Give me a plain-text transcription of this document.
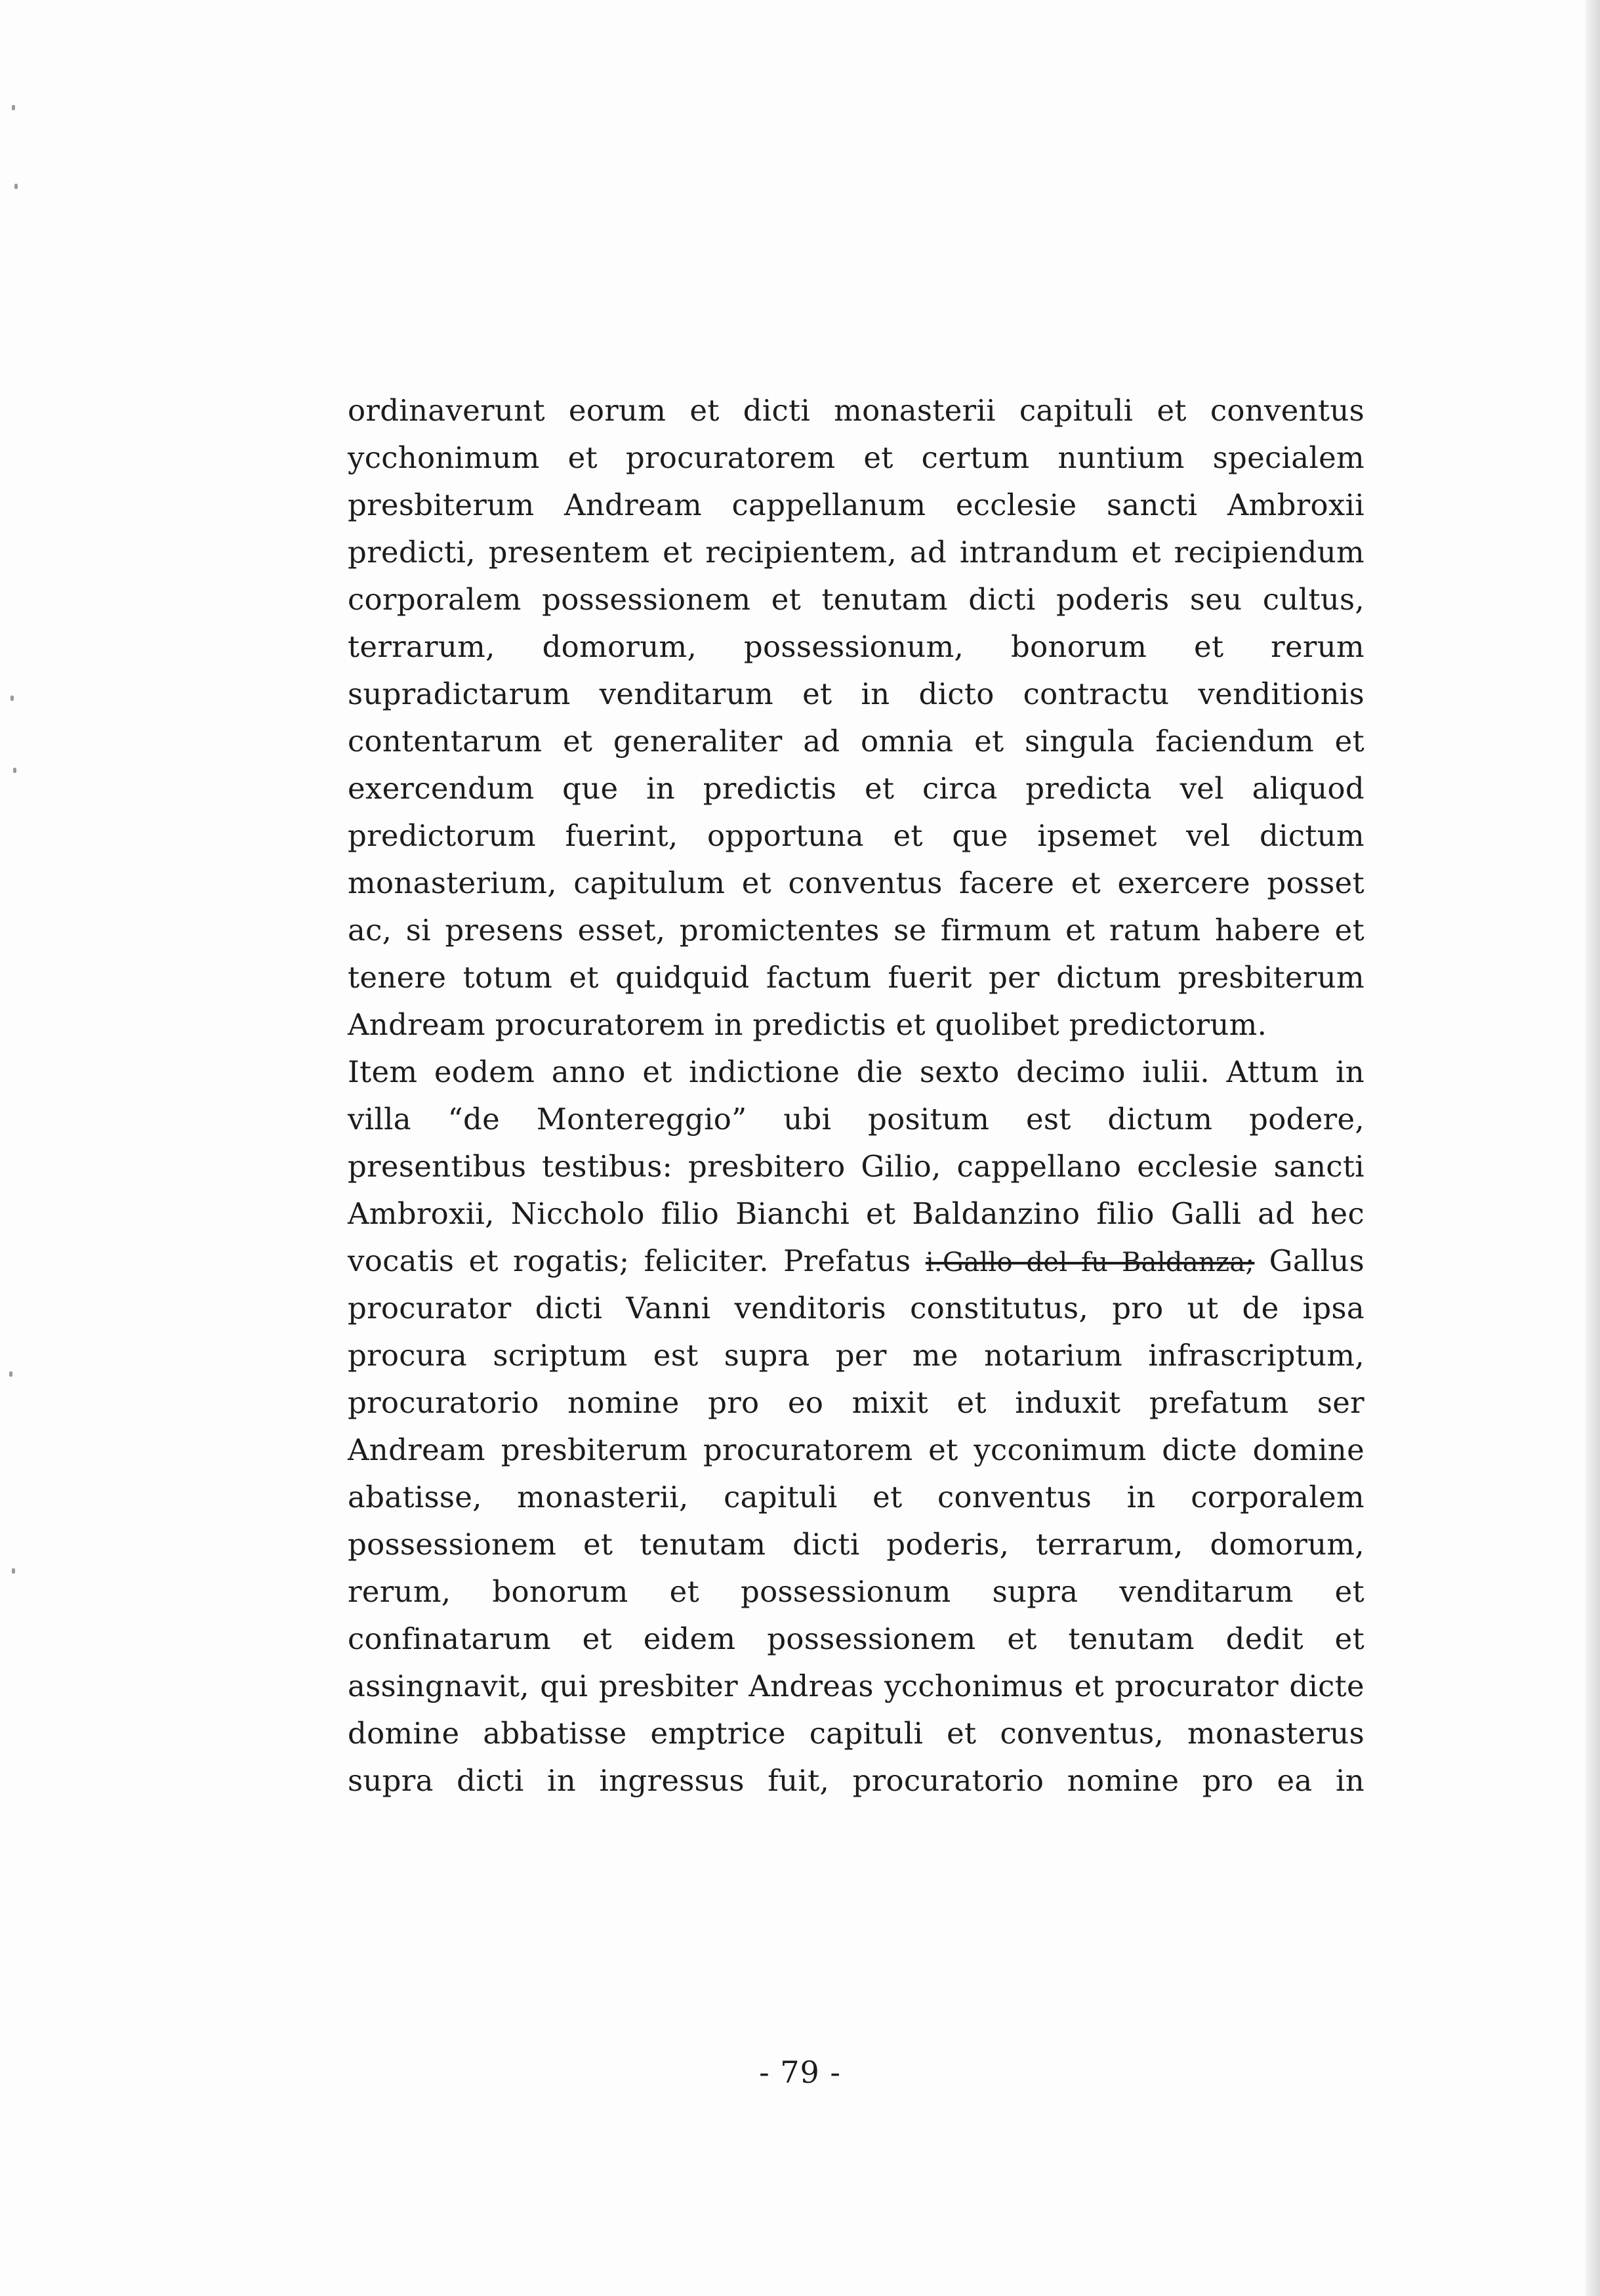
ordinaverunt eorum et dicti monasterii capituli et conventus
ycchonimum et procuratorem et certum nuntium specialem
presbiterum Andream cappellanum ecclesie sancti Ambroxii
predicti, presentem et recipientem, ad intrandum et recipiendum
corporalem possessionem et tenutam dicti poderis seu cultus,
terrarum, domorum, possessionum, bonorum et rerum
supradictarum venditarum et in dicto contractu venditionis
contentarum et generaliter ad omnia et singula faciendum et
exercendum que in predictis et circa predicta vel aliquod
predictorum fuerint, opportuna et que ipsemet vel dictum
monasterium, capitulum et conventus facere et exercere posset
ac, si presens esset, promictentes se firmum et ratum habere et
tenere totum et quidquid factum fuerit per dictum presbiterum
Andream procuratorem in predictis et quolibet predictorum.
Item eodem anno et indictione die sexto decimo iulii. Attum in
villa “de Montereggio” ubi positum est dictum podere,
presentibus testibus: presbitero Gilio, cappellano ecclesie sancti
Ambroxii, Niccholo filio Bianchi et Baldanzino filio Galli ad hec
vocatis et rogatis; feliciter. Prefatus i.Gallo del fu Baldanza; Gallus
procurator dicti Vanni venditoris constitutus, pro ut de ipsa
procura scriptum est supra per me notarium infrascriptum,
procuratorio nomine pro eo mixit et induxit prefatum ser
Andream presbiterum procuratorem et ycconimum dicte domine
abatisse, monasterii, capituli et conventus in corporalem
possessionem et tenutam dicti poderis, terrarum, domorum,
rerum, bonorum et possessionum supra venditarum et
confinatarum et eidem possessionem et tenutam dedit et
assingnavit, qui presbiter Andreas ycchonimus et procurator dicte
domine abbatisse emptrice capituli et conventus, monasterus
supra dicti in ingressus fuit, procuratorio nomine pro ea in
- 79 -
